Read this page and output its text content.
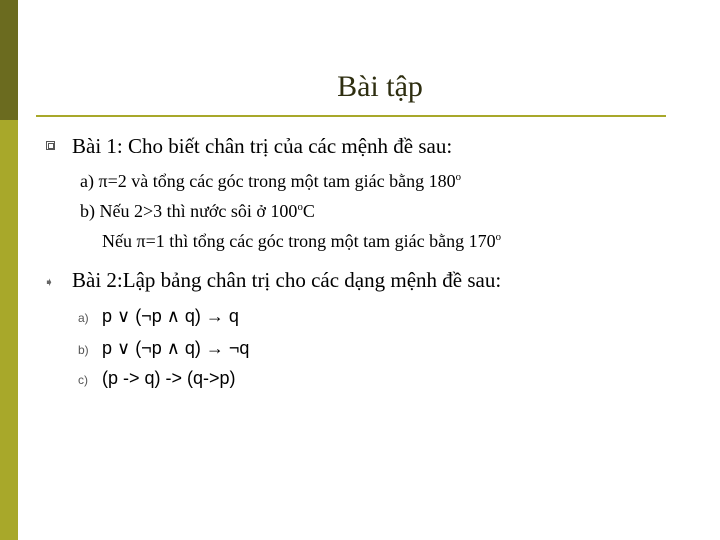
Bài tập
Bài 1: Cho biết chân trị của các mệnh đề sau:
a) π=2 và tổng các góc trong một tam giác bằng 180$^o$
b) Nếu 2>3 thì nước sôi ở 100$^o$C
Nếu π=1 thì tổng các góc trong một tam giác bằng 170$^o$
➧ Bài 2:Lập bảng chân trị cho các dạng mệnh đề sau:
a) p ∨ (¬p ∧ q) → q
b) p ∨ (¬p ∧ q) → ¬q
c) (p -> q) -> (q->p)
